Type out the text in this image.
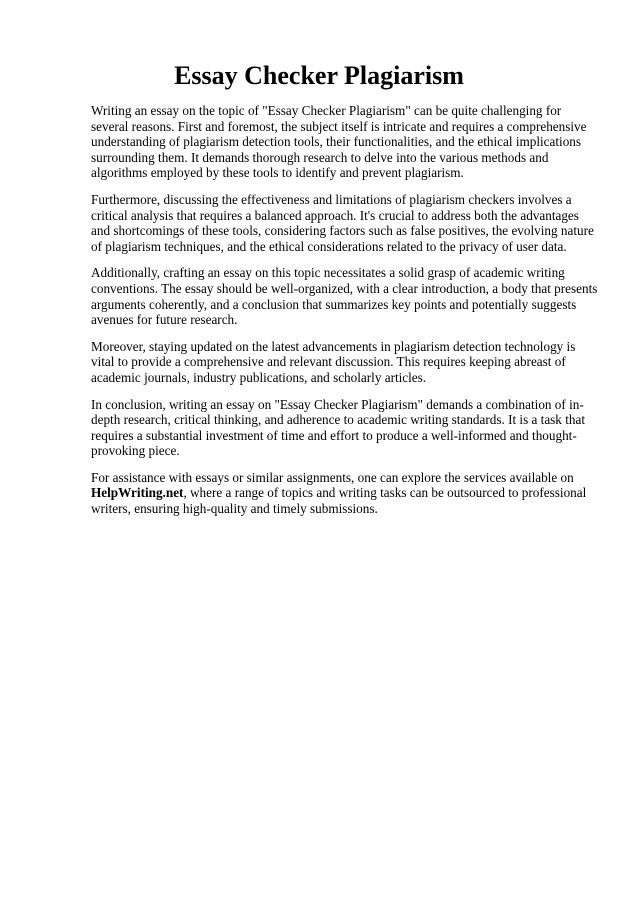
Essay Checker Plagiarism

Writing an essay on the topic of "Essay Checker Plagiarism" can be quite challenging for several reasons. First and foremost, the subject itself is intricate and requires a comprehensive understanding of plagiarism detection tools, their functionalities, and the ethical implications surrounding them. It demands thorough research to delve into the various methods and algorithms employed by these tools to identify and prevent plagiarism.

Furthermore, discussing the effectiveness and limitations of plagiarism checkers involves a critical analysis that requires a balanced approach. It's crucial to address both the advantages and shortcomings of these tools, considering factors such as false positives, the evolving nature of plagiarism techniques, and the ethical considerations related to the privacy of user data.

Additionally, crafting an essay on this topic necessitates a solid grasp of academic writing conventions. The essay should be well-organized, with a clear introduction, a body that presents arguments coherently, and a conclusion that summarizes key points and potentially suggests avenues for future research.

Moreover, staying updated on the latest advancements in plagiarism detection technology is vital to provide a comprehensive and relevant discussion. This requires keeping abreast of academic journals, industry publications, and scholarly articles.

In conclusion, writing an essay on "Essay Checker Plagiarism" demands a combination of in-depth research, critical thinking, and adherence to academic writing standards. It is a task that requires a substantial investment of time and effort to produce a well-informed and thought-provoking piece.

For assistance with essays or similar assignments, one can explore the services available on HelpWriting.net, where a range of topics and writing tasks can be outsourced to professional writers, ensuring high-quality and timely submissions.
